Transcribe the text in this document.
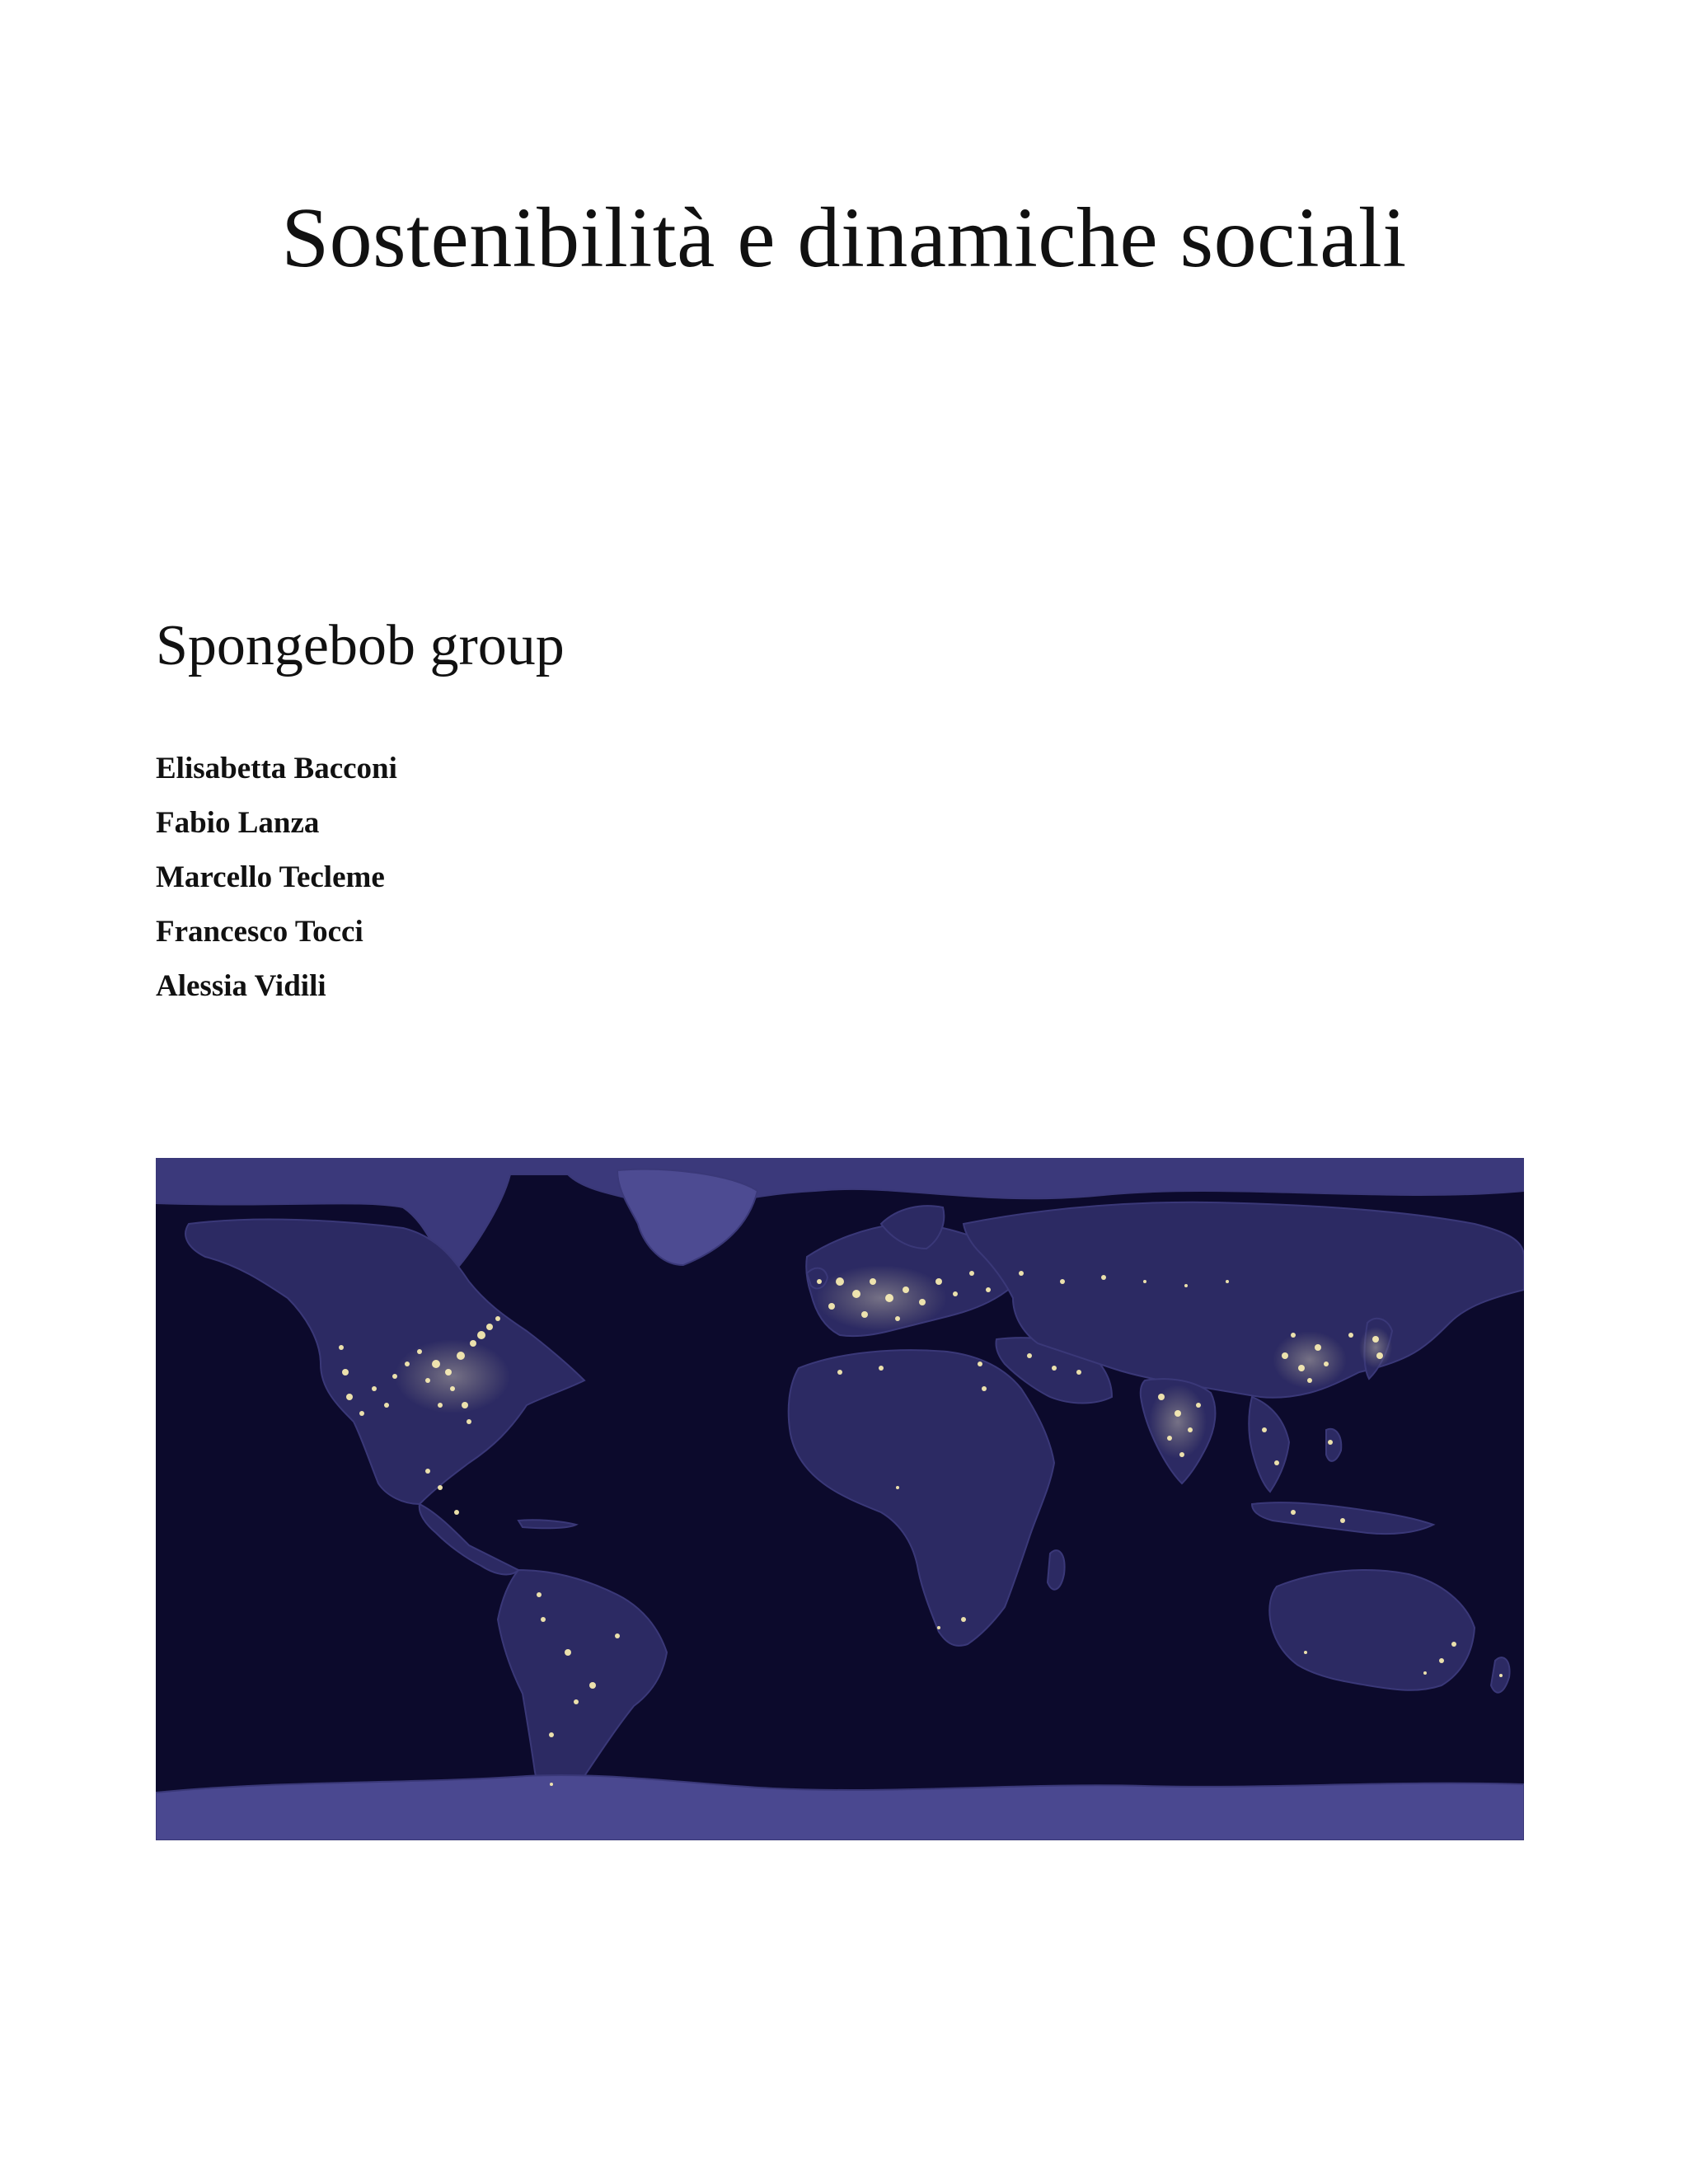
Sostenibilità e dinamiche sociali
Spongebob group
Elisabetta Bacconi
Fabio Lanza
Marcello Tecleme
Francesco Tocci
Alessia Vidili
